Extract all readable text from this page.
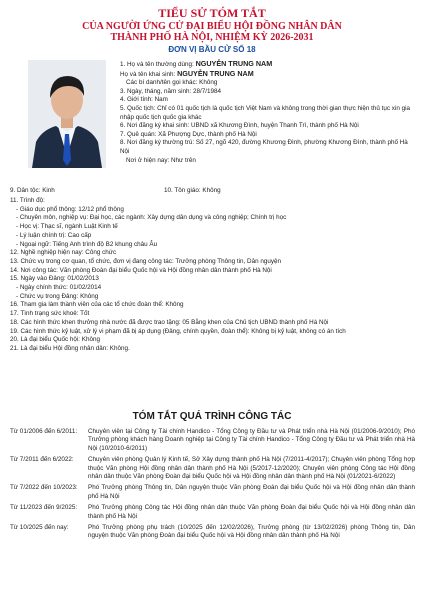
TIỂU SỬ TÓM TẮT
CỦA NGƯỜI ỨNG CỬ ĐẠI BIỂU HỘI ĐỒNG NHÂN DÂN
THÀNH PHỐ HÀ NỘI, NHIỆM KỲ 2026-2031
ĐƠN VỊ BẦU CỬ SỐ 18

1. Họ và tên thường dùng: NGUYỄN TRUNG NAM

Họ và tên khai sinh: NGUYỄN TRUNG NAM

Các bí danh/tên gọi khác: Không

3. Ngày, tháng, năm sinh: 28/7/1984

4. Giới tính: Nam

5. Quốc tịch: Chỉ có 01 quốc tịch là quốc tịch Việt Nam và không trong thời gian thực hiện thủ tục xin gia nhập quốc tịch quốc gia khác

6. Nơi đăng ký khai sinh: UBND xã Khương Đình, huyện Thanh Trì, thành phố Hà Nội

7. Quê quán: Xã Phượng Dực, thành phố Hà Nội

8. Nơi đăng ký thường trú: Số 27, ngõ 420, đường Khương Đình, phường Khương Đình, thành phố Hà Nội

Nơi ở hiện nay: Như trên

9. Dân tộc: Kinh	10. Tôn giáo: Không

11. Trình độ:

- Giáo dục phổ thông: 12/12 phổ thông

- Chuyên môn, nghiệp vụ: Đại học, các ngành: Xây dựng dân dụng và công nghiệp; Chính trị học

- Học vị: Thạc sĩ, ngành Luật Kinh tế

- Lý luận chính trị: Cao cấp

- Ngoại ngữ: Tiếng Anh trình độ B2 khung châu Âu

12. Nghề nghiệp hiện nay: Công chức

13. Chức vụ trong cơ quan, tổ chức, đơn vị đang công tác: Trưởng phòng Thông tin, Dân nguyện

14. Nơi công tác: Văn phòng Đoàn đại biểu Quốc hội và Hội đồng nhân dân thành phố Hà Nội

15. Ngày vào Đảng: 01/02/2013

- Ngày chính thức: 01/02/2014

- Chức vụ trong Đảng: Không

16. Tham gia làm thành viên của các tổ chức đoàn thể: Không

17. Tình trạng sức khoẻ: Tốt

18. Các hình thức khen thưởng nhà nước đã được trao tặng: 05 Bằng khen của Chủ tịch UBND thành phố Hà Nội

19. Các hình thức kỷ luật, xử lý vi phạm đã bị áp dụng (Đảng, chính quyền, đoàn thể): Không bị kỷ luật, không có án tích

20. Là đại biểu Quốc hội: Không

21. Là đại biểu Hội đồng nhân dân: Không.

TÓM TẮT QUÁ TRÌNH CÔNG TÁC
Từ 01/2006 đến 6/2011:	Chuyên viên tại Công ty Tài chính Handico - Tổng Công ty Đầu tư và Phát triển nhà Hà Nội (01/2006-9/2010); Phó Trưởng phòng khách hàng Doanh nghiệp tại Công ty Tài chính Handico - Tổng Công ty Đầu tư và Phát triển nhà Hà Nội (10/2010-6/2011)
Từ 7/2011 đến 6/2022:	Chuyên viên phòng Quản lý Kinh tế, Sở Xây dựng thành phố Hà Nội (7/2011-4/2017); Chuyên viên phòng Tổng hợp thuộc Văn phòng Hội đồng nhân dân thành phố Hà Nội (5/2017-12/2020); Chuyên viên phòng Công tác Hội đồng nhân dân thuộc Văn phòng Đoàn đại biểu Quốc hội và Hội đồng nhân dân thành phố Hà Nội (01/2021-6/2022)
Từ 7/2022 đến 10/2023:	Phó Trưởng phòng Thông tin, Dân nguyện thuộc Văn phòng Đoàn đại biểu Quốc hội và Hội đồng nhân dân thành phố Hà Nội
Từ 11/2023 đến 9/2025:	Phó Trưởng phòng Công tác Hội đồng nhân dân thuộc Văn phòng Đoàn đại biểu Quốc hội và Hội đồng nhân dân thành phố Hà Nội
Từ 10/2025 đến nay:	Phó Trưởng phòng phụ trách (10/2025 đến 12/02/2026), Trưởng phòng (từ 13/02/2026) phòng Thông tin, Dân nguyện thuộc Văn phòng Đoàn đại biểu Quốc hội và Hội đồng nhân dân thành phố Hà Nội
